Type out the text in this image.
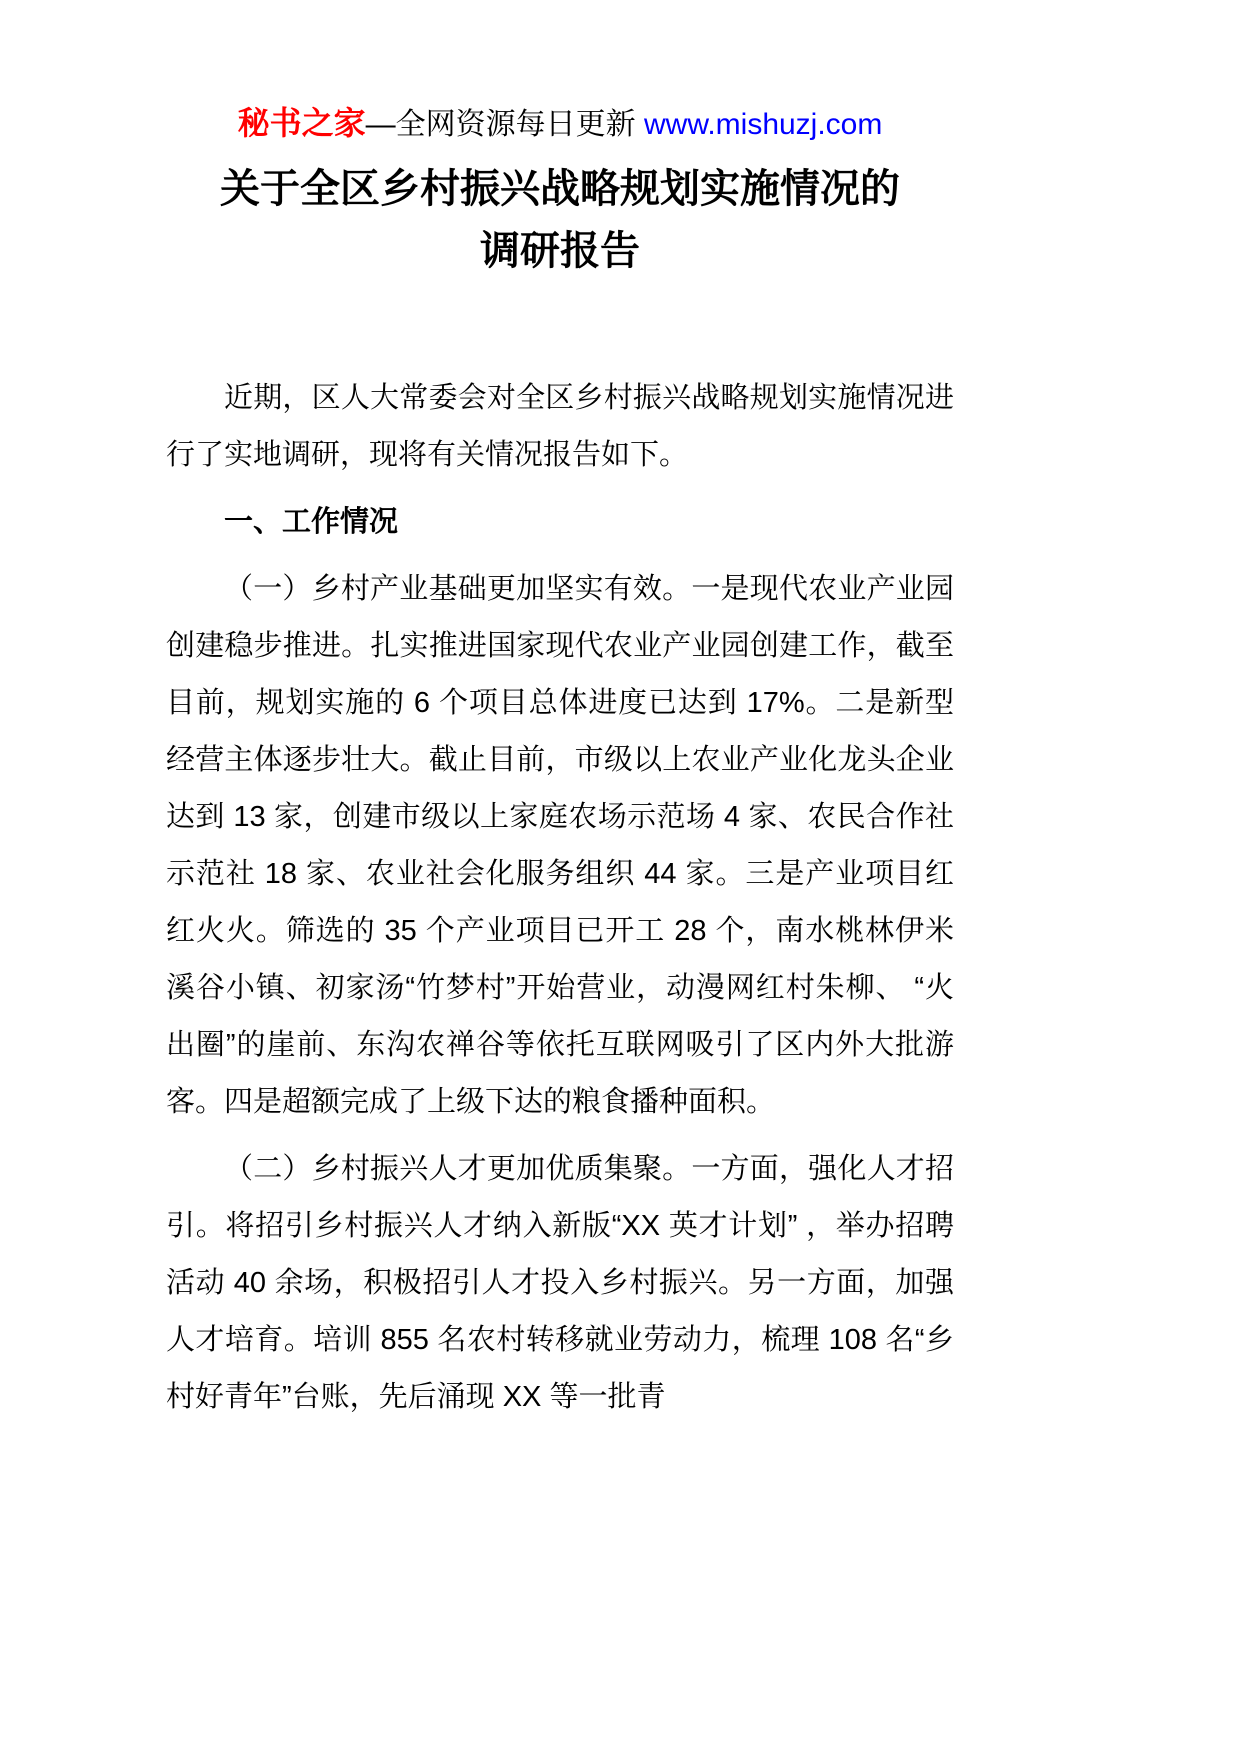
秘书之家—全网资源每日更新 www.mishuzj.com
关于全区乡村振兴战略规划实施情况的
调研报告

近期，区人大常委会对全区乡村振兴战略规划实施情况进行了实地调研，现将有关情况报告如下。

一、工作情况

（一）乡村产业基础更加坚实有效。一是现代农业产业园创建稳步推进。扎实推进国家现代农业产业园创建工作，截至目前，规划实施的 6 个项目总体进度已达到 17%。二是新型经营主体逐步壮大。截止目前，市级以上农业产业化龙头企业达到 13 家，创建市级以上家庭农场示范场 4 家、农民合作社示范社 18 家、农业社会化服务组织 44 家。三是产业项目红红火火。筛选的 35 个产业项目已开工 28 个，南水桃林伊米溪谷小镇、初家汤“竹梦村”开始营业，动漫网红村朱柳、 “火出圈”的崖前、东沟农禅谷等依托互联网吸引了区内外大批游客。四是超额完成了上级下达的粮食播种面积。

（二）乡村振兴人才更加优质集聚。一方面，强化人才招引。将招引乡村振兴人才纳入新版“XX 英才计划” ，举办招聘活动 40 余场，积极招引人才投入乡村振兴。另一方面，加强人才培育。培训 855 名农村转移就业劳动力，梳理 108 名“乡村好青年”台账，先后涌现 XX 等一批青
